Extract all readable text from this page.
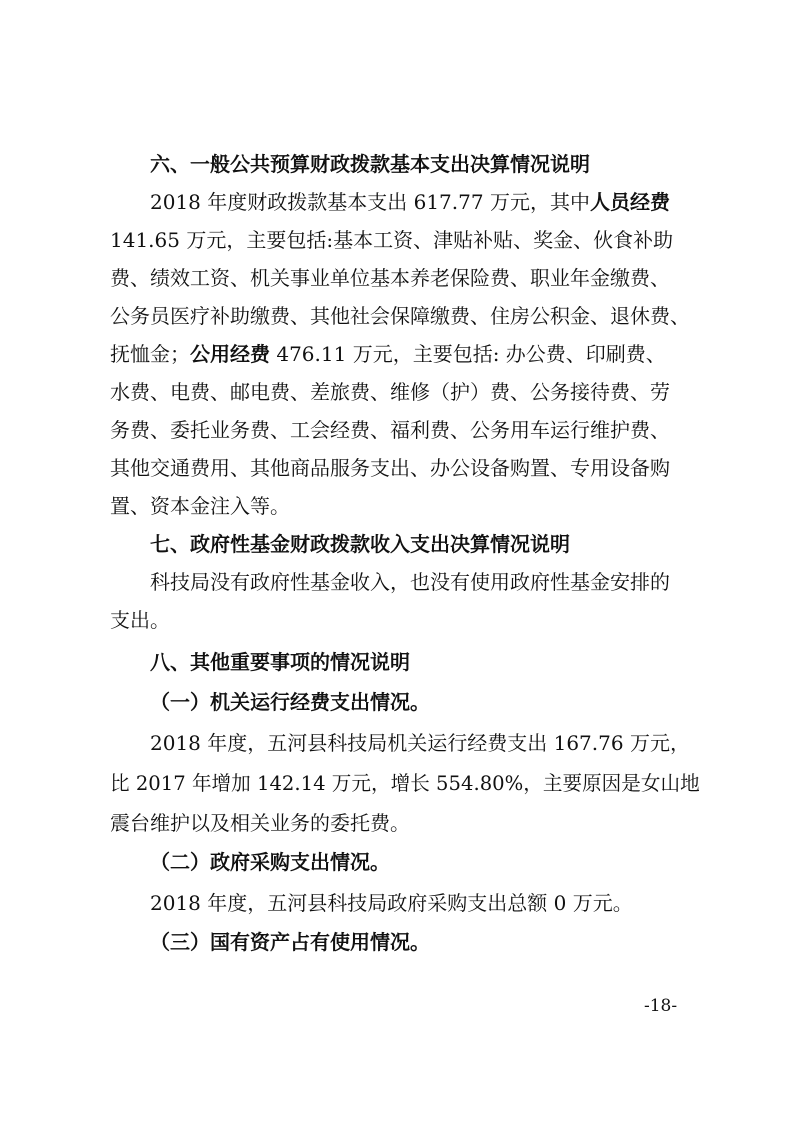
六、一般公共预算财政拨款基本支出决算情况说明
2018 年度财政拨款基本支出 617.77 万元，其中人员经费
141.65 万元，主要包括:基本工资、津贴补贴、奖金、伙食补助
费、绩效工资、机关事业单位基本养老保险费、职业年金缴费、
公务员医疗补助缴费、其他社会保障缴费、住房公积金、退休费、
抚恤金；公用经费 476.11 万元，主要包括: 办公费、印刷费、
水费、电费、邮电费、差旅费、维修（护）费、公务接待费、劳
务费、委托业务费、工会经费、福利费、公务用车运行维护费、
其他交通费用、其他商品服务支出、办公设备购置、专用设备购
置、资本金注入等。
七、政府性基金财政拨款收入支出决算情况说明
科技局没有政府性基金收入，也没有使用政府性基金安排的
支出。
八、其他重要事项的情况说明
（一）机关运行经费支出情况。
2018 年度，五河县科技局机关运行经费支出 167.76 万元，
比 2017 年增加 142.14 万元，增长 554.80%，主要原因是女山地
震台维护以及相关业务的委托费。
（二）政府采购支出情况。
2018 年度，五河县科技局政府采购支出总额 0 万元。
（三）国有资产占有使用情况。
-18-
